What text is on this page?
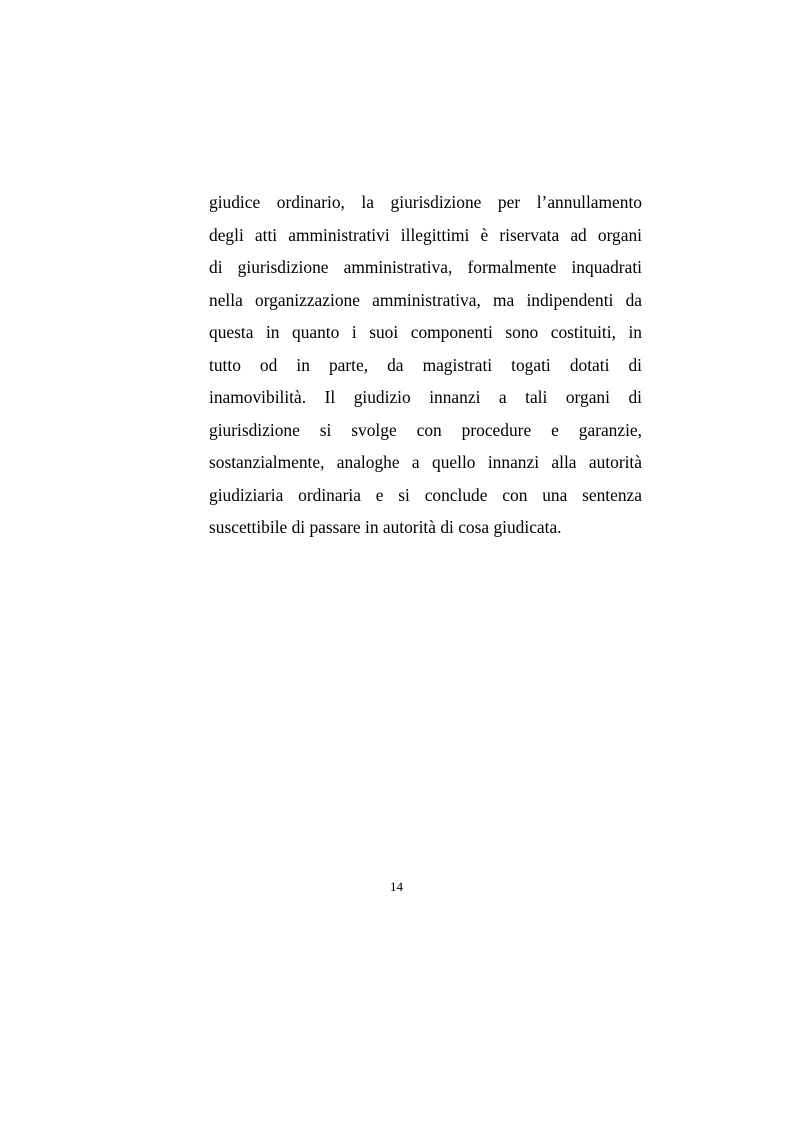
giudice ordinario, la giurisdizione per l’annullamento
degli atti amministrativi illegittimi è riservata ad organi
di giurisdizione amministrativa, formalmente inquadrati
nella organizzazione amministrativa, ma indipendenti da
questa in quanto i suoi componenti sono costituiti, in
tutto od in parte, da magistrati togati dotati di
inamovibilità. Il giudizio innanzi a tali organi di
giurisdizione si svolge con procedure e garanzie,
sostanzialmente, analoghe a quello innanzi alla autorità
giudiziaria ordinaria e si conclude con una sentenza
suscettibile di passare in autorità di cosa giudicata.
14
